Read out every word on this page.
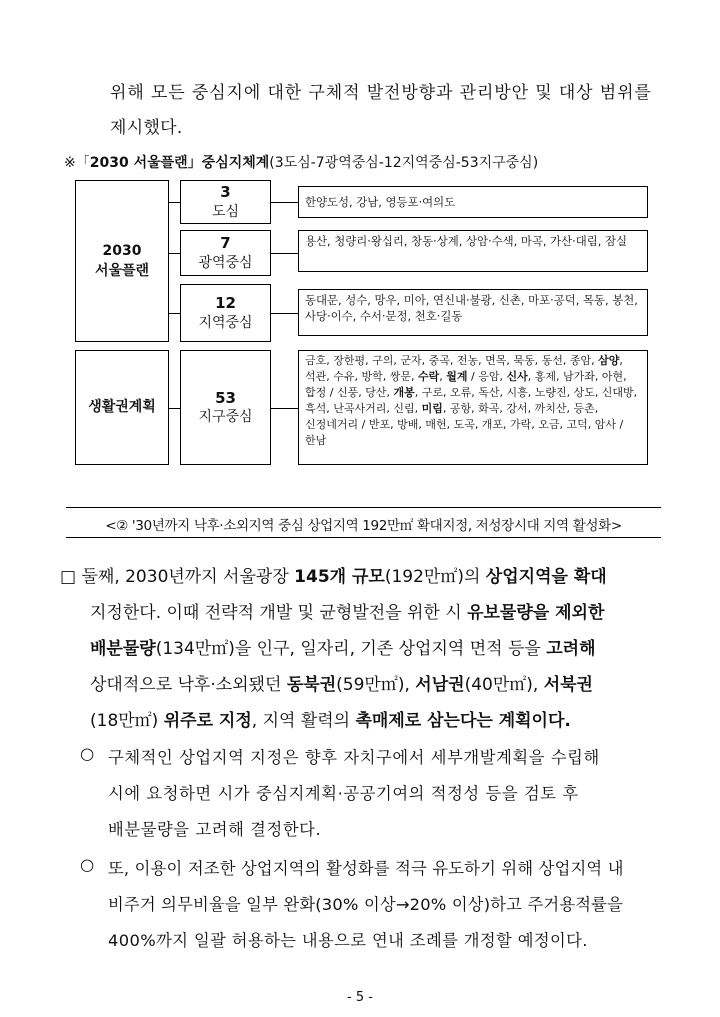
위해 모든 중심지에 대한 구체적 발전방향과 관리방안 및 대상 범위를
제시했다.
※「2030 서울플랜」중심지체계(3도심-7광역중심-12지역중심-53지구중심)
2030
서울플랜
생활권계획
3
도심
7
광역중심
12
지역중심
53
지구중심
한양도성, 강남, 영등포·여의도
용산, 청량리·왕십리, 창동·상계, 상암·수색, 마곡, 가산·대림, 잠실
동대문, 성수, 망우, 미아, 연신내·불광, 신촌, 마포·공덕, 목동, 봉천, 사당·이수, 수서·문정, 천호·길동
금호, 장한평, 구의, 군자, 중곡, 전농, 면목, 묵동, 동선, 종암, 삼양, 석관, 수유, 방학, 쌍문, 수락, 월계 / 응암, 신사, 홍제, 남가좌, 아현, 합정 / 신풍, 당산, 개봉, 구로, 오류, 독산, 시흥, 노량진, 상도, 신대방, 흑석, 난곡사거리, 신림, 미림, 공항, 화곡, 강서, 까치산, 등촌, 신정네거리 / 반포, 방배, 매헌, 도곡, 개포, 가락, 오금, 고덕, 암사 / 한남
<② '30년까지 낙후·소외지역 중심 상업지역 192만㎡ 확대지정, 저성장시대 지역 활성화>
□ 둘째, 2030년까지 서울광장 145개 규모(192만㎡)의 상업지역을 확대
지정한다. 이때 전략적 개발 및 균형발전을 위한 시 유보물량을 제외한
배분물량(134만㎡)을 인구, 일자리, 기존 상업지역 면적 등을 고려해
상대적으로 낙후·소외됐던 동북권(59만㎡), 서남권(40만㎡), 서북권
(18만㎡) 위주로 지정, 지역 활력의 촉매제로 삼는다는 계획이다.
○ 구체적인 상업지역 지정은 향후 자치구에서 세부개발계획을 수립해
시에 요청하면 시가 중심지계획·공공기여의 적정성 등을 검토 후
배분물량을 고려해 결정한다.
○ 또, 이용이 저조한 상업지역의 활성화를 적극 유도하기 위해 상업지역 내
비주거 의무비율을 일부 완화(30% 이상→20% 이상)하고 주거용적률을
400%까지 일괄 허용하는 내용으로 연내 조례를 개정할 예정이다.
- 5 -
